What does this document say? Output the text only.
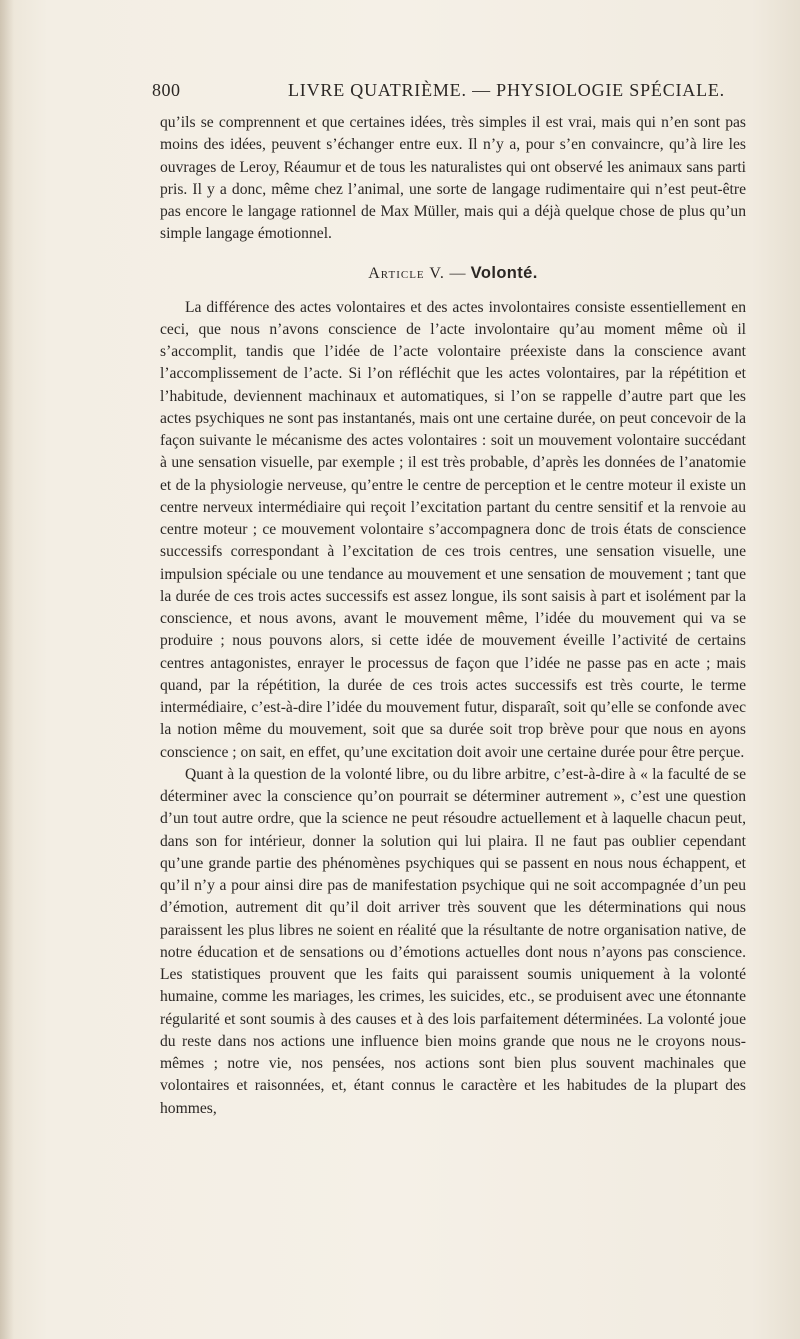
800	LIVRE QUATRIÈME. — PHYSIOLOGIE SPÉCIALE.

qu’ils se comprennent et que certaines idées, très simples il est vrai, mais qui n’en sont pas moins des idées, peuvent s’échanger entre eux. Il n’y a, pour s’en convaincre, qu’à lire les ouvrages de Leroy, Réaumur et de tous les naturalistes qui ont observé les animaux sans parti pris. Il y a donc, même chez l’animal, une sorte de langage rudimentaire qui n’est peut-être pas encore le langage rationnel de Max Müller, mais qui a déjà quelque chose de plus qu’un simple langage émotionnel.

Article V. — Volonté.

La différence des actes volontaires et des actes involontaires consiste essentiellement en ceci, que nous n’avons conscience de l’acte involontaire qu’au moment même où il s’accomplit, tandis que l’idée de l’acte volontaire préexiste dans la conscience avant l’accomplissement de l’acte. Si l’on réfléchit que les actes volontaires, par la répétition et l’habitude, deviennent machinaux et automatiques, si l’on se rappelle d’autre part que les actes psychiques ne sont pas instantanés, mais ont une certaine durée, on peut concevoir de la façon suivante le mécanisme des actes volontaires : soit un mouvement volontaire succédant à une sensation visuelle, par exemple ; il est très probable, d’après les données de l’anatomie et de la physiologie nerveuse, qu’entre le centre de perception et le centre moteur il existe un centre nerveux intermédiaire qui reçoit l’excitation partant du centre sensitif et la renvoie au centre moteur ; ce mouvement volontaire s’accompagnera donc de trois états de conscience successifs correspondant à l’excitation de ces trois centres, une sensation visuelle, une impulsion spéciale ou une tendance au mouvement et une sensation de mouvement ; tant que la durée de ces trois actes successifs est assez longue, ils sont saisis à part et isolément par la conscience, et nous avons, avant le mouvement même, l’idée du mouvement qui va se produire ; nous pouvons alors, si cette idée de mouvement éveille l’activité de certains centres antagonistes, enrayer le processus de façon que l’idée ne passe pas en acte ; mais quand, par la répétition, la durée de ces trois actes successifs est très courte, le terme intermédiaire, c’est-à-dire l’idée du mouvement futur, disparaît, soit qu’elle se confonde avec la notion même du mouvement, soit que sa durée soit trop brève pour que nous en ayons conscience ; on sait, en effet, qu’une excitation doit avoir une certaine durée pour être perçue.

Quant à la question de la volonté libre, ou du libre arbitre, c’est-à-dire à « la faculté de se déterminer avec la conscience qu’on pourrait se déterminer autrement », c’est une question d’un tout autre ordre, que la science ne peut résoudre actuellement et à laquelle chacun peut, dans son for intérieur, donner la solution qui lui plaira. Il ne faut pas oublier cependant qu’une grande partie des phénomènes psychiques qui se passent en nous nous échappent, et qu’il n’y a pour ainsi dire pas de manifestation psychique qui ne soit accompagnée d’un peu d’émotion, autrement dit qu’il doit arriver très souvent que les déterminations qui nous paraissent les plus libres ne soient en réalité que la résultante de notre organisation native, de notre éducation et de sensations ou d’émotions actuelles dont nous n’ayons pas conscience. Les statistiques prouvent que les faits qui paraissent soumis uniquement à la volonté humaine, comme les mariages, les crimes, les suicides, etc., se produisent avec une étonnante régularité et sont soumis à des causes et à des lois parfaitement déterminées. La volonté joue du reste dans nos actions une influence bien moins grande que nous ne le croyons nous-mêmes ; notre vie, nos pensées, nos actions sont bien plus souvent machinales que volontaires et raisonnées, et, étant connus le caractère et les habitudes de la plupart des hommes,
